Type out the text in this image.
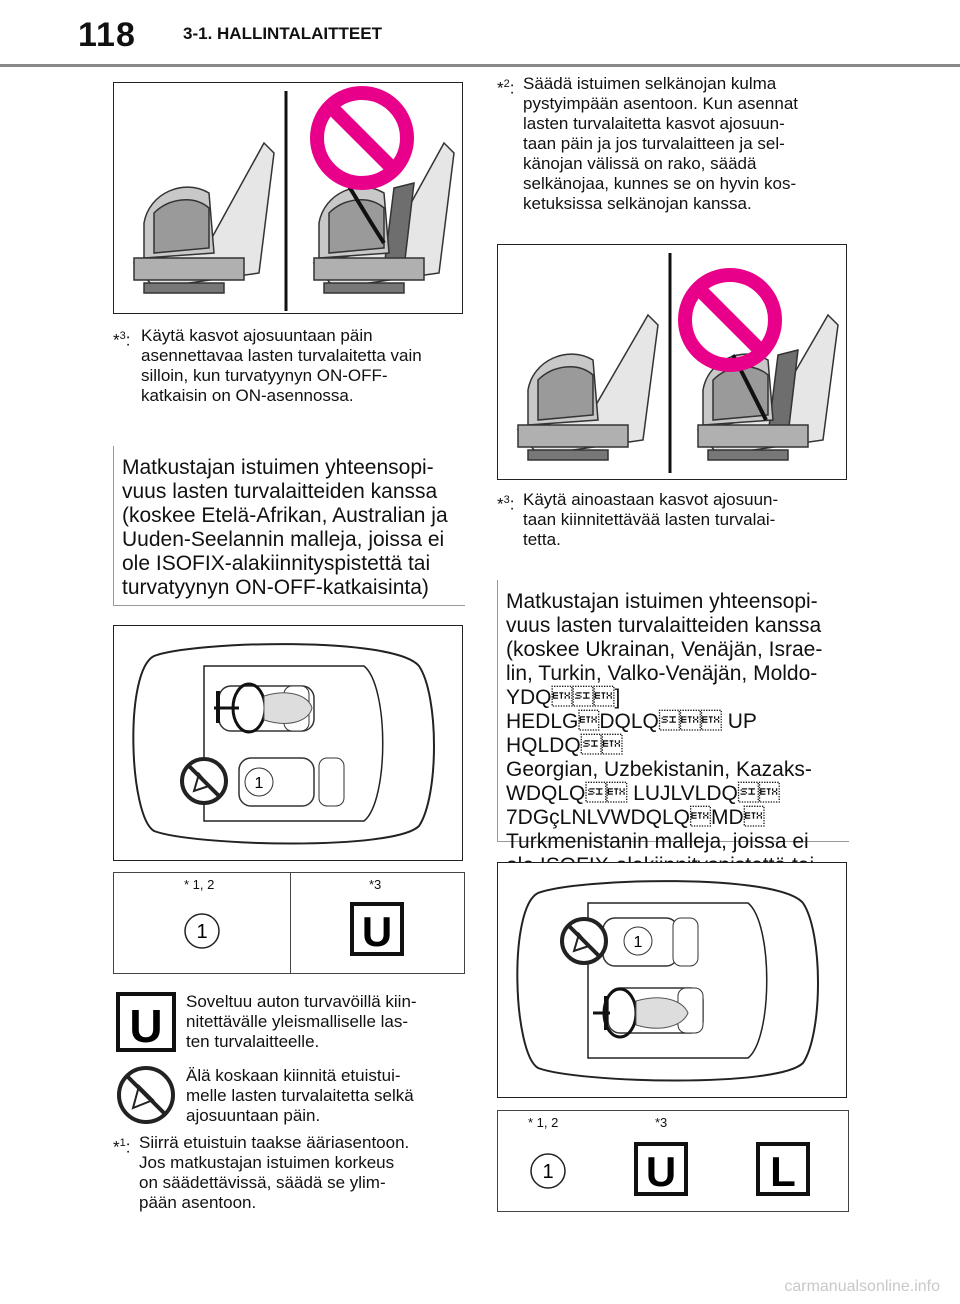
118	3-1. HALLINTALAITTEET
*$^3$: Käytä kasvot ajosuuntaan päin asennettavaa lasten turvalaitetta vain silloin, kun turvatyynyn ON-OFF-katkaisin on ON-asennossa.
Matkustajan istuimen yhteensopi-
vuus lasten turvalaitteiden kanssa
(koskee Etelä-Afrikan, Australian ja
Uuden-Seelannin malleja, joissa ei
ole ISOFIX-alakiinnityspistettä tai
turvatyynyn ON-OFF-katkaisinta)
1
* 1, 2
1
*3
U
U Soveltuu auton turvavöillä kiin-
nitettävälle yleismalliselle las-
ten turvalaitteelle.
Älä koskaan kiinnitä etuistui-
melle lasten turvalaitetta selkä
ajosuuntaan päin.
*$^1$: Siirrä etuistuin taakse ääriasentoon.
Jos matkustajan istuimen korkeus
on säädettävissä, säädä se ylim-
pään asentoon.
*$^2$: Säädä istuimen selkänojan kulma
pystyimpään asentoon. Kun asennat
lasten turvalaitetta kasvot ajosuun-
taan päin ja jos turvalaitteen ja sel-
känojan välissä on rako, säädä
selkänojaa, kunnes se on hyvin kos-
ketuksissa selkänojan kanssa.
*$^3$: Käytä ainoastaan kasvot ajosuun-
taan kiinnitettävää lasten turvalai-
tetta.
Matkustajan istuimen yhteensopi-
vuus lasten turvalaitteiden kanssa
(koskee Ukrainan, Venäjän, Israe-
lin, Turkin, Valko-Venäjän, Moldo-
YDQ] HEDLGDQLQ UP HQLDQ
Georgian, Uzbekistanin, Kazaks-
WDQLQ LUJLVLDQ 7DGçLNLVWDQLQMD
Turkmenistanin malleja, joissa ei
1
* 1, 2
1
*3
U L
carmanualsonline.info
